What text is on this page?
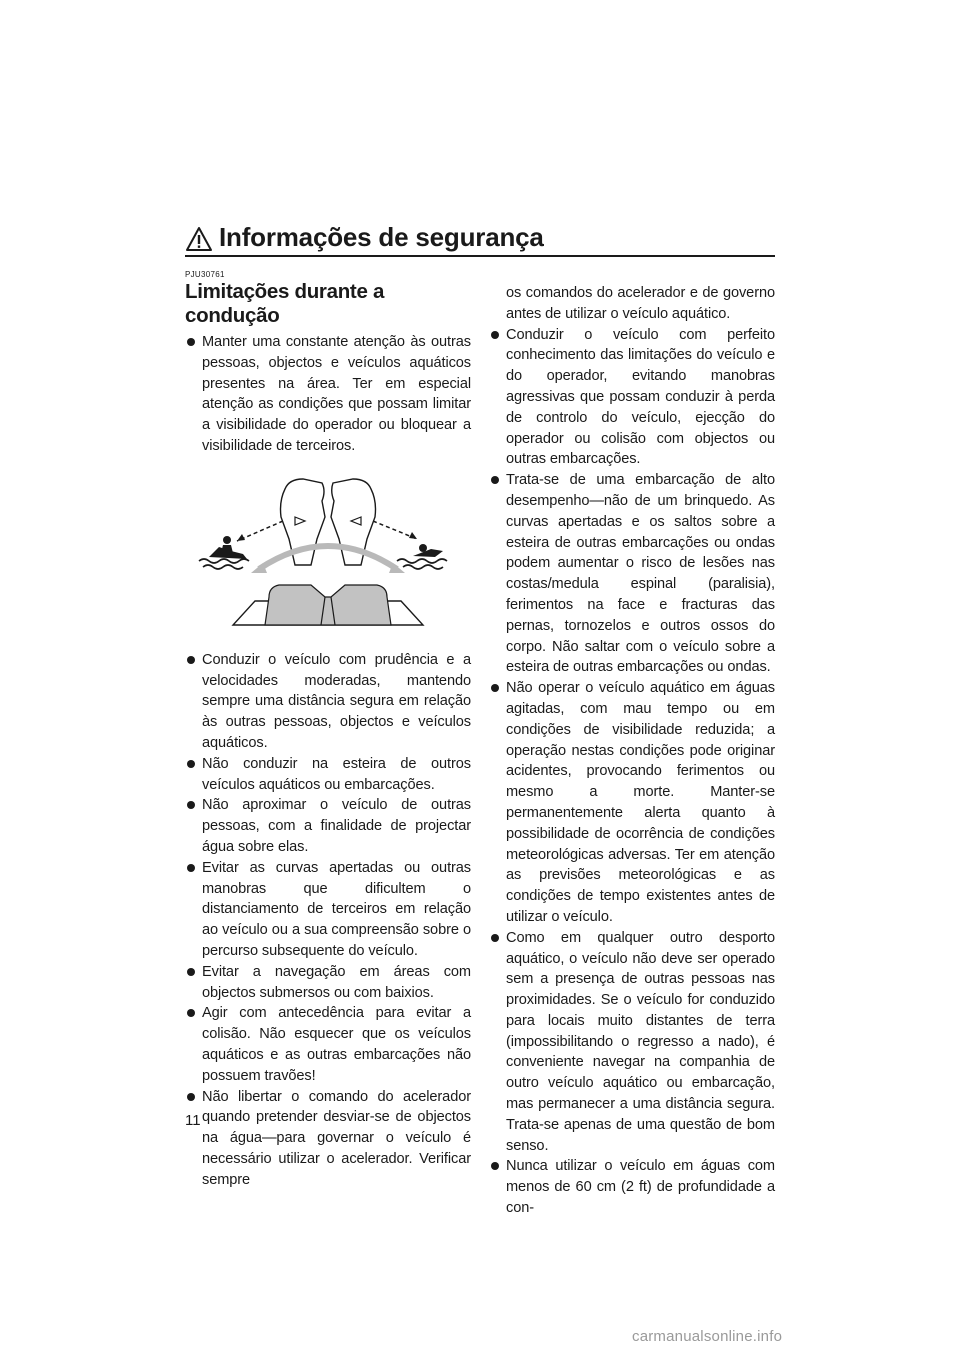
Informações de segurança
PJU30761
Limitações durante a condução
Manter uma constante atenção às outras pessoas, objectos e veículos aquáticos presentes na área. Ter em especial atenção as condições que possam limitar a visibilidade do operador ou bloquear a visibilidade de terceiros.
Conduzir o veículo com prudência e a velocidades moderadas, mantendo sempre uma distância segura em relação às outras pessoas, objectos e veículos aquáticos.
Não conduzir na esteira de outros veículos aquáticos ou embarcações.
Não aproximar o veículo de outras pessoas, com a finalidade de projectar água sobre elas.
Evitar as curvas apertadas ou outras manobras que dificultem o distanciamento de terceiros em relação ao veículo ou a sua compreensão sobre o percurso subsequente do veículo.
Evitar a navegação em áreas com objectos submersos ou com baixios.
Agir com antecedência para evitar a colisão. Não esquecer que os veículos aquáticos e as outras embarcações não possuem travões!
Não libertar o comando do acelerador quando pretender desviar-se de objectos na água—para governar o veículo é necessário utilizar o acelerador. Verificar sempre

os comandos do acelerador e de governo antes de utilizar o veículo aquático.

Conduzir o veículo com perfeito conhecimento das limitações do veículo e do operador, evitando manobras agressivas que possam conduzir à perda de controlo do veículo, ejecção do operador ou colisão com objectos ou outras embarcações.
Trata-se de uma embarcação de alto desempenho—não de um brinquedo. As curvas apertadas e os saltos sobre a esteira de outras embarcações ou ondas podem aumentar o risco de lesões nas costas/medula espinal (paralisia), ferimentos na face e fracturas das pernas, tornozelos e outros ossos do corpo. Não saltar com o veículo sobre a esteira de outras embarcações ou ondas.
Não operar o veículo aquático em águas agitadas, com mau tempo ou em condições de visibilidade reduzida; a operação nestas condições pode originar acidentes, provocando ferimentos ou mesmo a morte. Manter-se permanentemente alerta quanto à possibilidade de ocorrência de condições meteorológicas adversas. Ter em atenção as previsões meteorológicas e as condições de tempo existentes antes de utilizar o veículo.
Como em qualquer outro desporto aquático, o veículo não deve ser operado sem a presença de outras pessoas nas proximidades. Se o veículo for conduzido para locais muito distantes de terra (impossibilitando o regresso a nado), é conveniente navegar na companhia de outro veículo aquático ou embarcação, mas permanecer a uma distância segura. Trata-se apenas de uma questão de bom senso.
Nunca utilizar o veículo em águas com menos de 60 cm (2 ft) de profundidade a con-
11
carmanualsonline.info
